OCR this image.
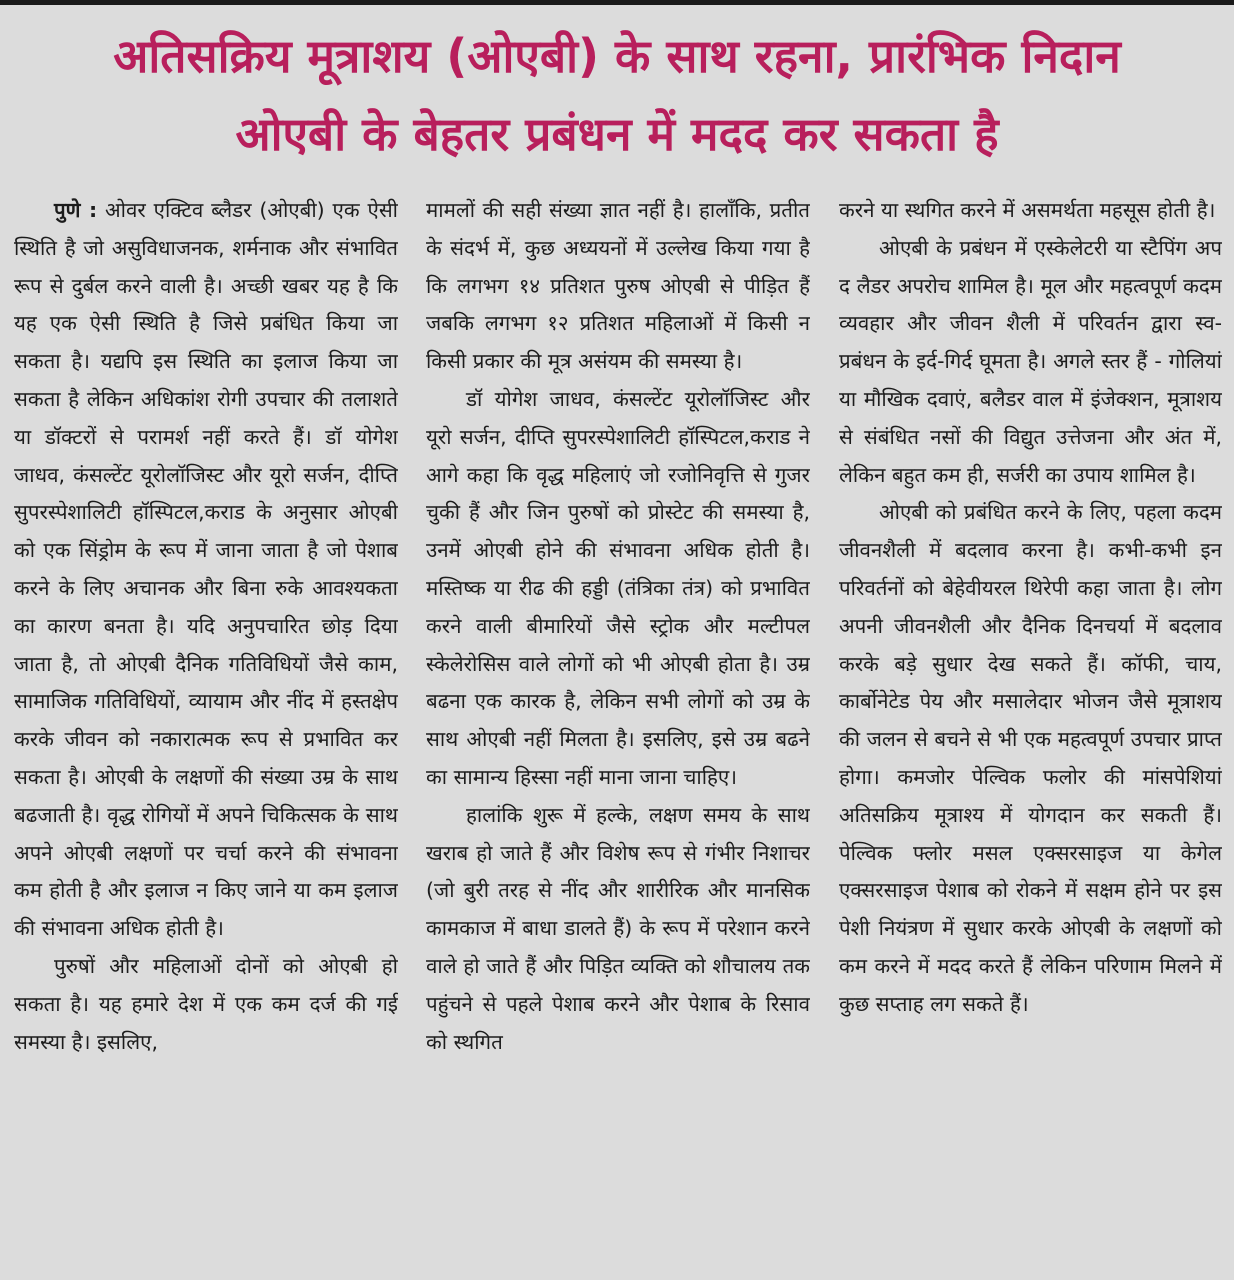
अतिसक्रिय मूत्राशय (ओएबी) के साथ रहना, प्रारंभिक निदान
ओएबी के बेहतर प्रबंधन में मदद कर सकता है

पुणे : ओवर एक्टिव ब्लैडर (ओएबी) एक ऐसी स्थिति है जो असुविधाजनक, शर्मनाक और संभावित रूप से दुर्बल करने वाली है। अच्छी खबर यह है कि यह एक ऐसी स्थिति है जिसे प्रबंधित किया जा सकता है। यद्यपि इस स्थिति का इलाज किया जा सकता है लेकिन अधिकांश रोगी उपचार की तलाशते या डॉक्टरों से परामर्श नहीं करते हैं। डॉ योगेश जाधव, कंसल्टेंट यूरोलॉजिस्ट और यूरो सर्जन, दीप्ति सुपरस्पेशालिटी हॉस्पिटल,कराड के अनुसार ओएबी को एक सिंड्रोम के रूप में जाना जाता है जो पेशाब करने के लिए अचानक और बिना रुके आवश्यकता का कारण बनता है। यदि अनुपचारित छोड़ दिया जाता है, तो ओएबी दैनिक गतिविधियों जैसे काम, सामाजिक गतिविधियों, व्यायाम और नींद में हस्तक्षेप करके जीवन को नकारात्मक रूप से प्रभावित कर सकता है। ओएबी के लक्षणों की संख्या उम्र के साथ बढजाती है। वृद्ध रोगियों में अपने चिकित्सक के साथ अपने ओएबी लक्षणों पर चर्चा करने की संभावना कम होती है और इलाज न किए जाने या कम इलाज की संभावना अधिक होती है।

पुरुषों और महिलाओं दोनों को ओएबी हो सकता है। यह हमारे देश में एक कम दर्ज की गई समस्या है। इसलिए,

मामलों की सही संख्या ज्ञात नहीं है। हालाँकि, प्रतीत के संदर्भ में, कुछ अध्ययनों में उल्लेख किया गया है कि लगभग १४ प्रतिशत पुरुष ओएबी से पीड़ित हैं जबकि लगभग १२ प्रतिशत महिलाओं में किसी न किसी प्रकार की मूत्र असंयम की समस्या है।

डॉ योगेश जाधव, कंसल्टेंट यूरोलॉजिस्ट और यूरो सर्जन, दीप्ति सुपरस्पेशालिटी हॉस्पिटल,कराड ने आगे कहा कि वृद्ध महिलाएं जो रजोनिवृत्ति से गुजर चुकी हैं और जिन पुरुषों को प्रोस्टेट की समस्या है, उनमें ओएबी होने की संभावना अधिक होती है। मस्तिष्क या रीढ की हड्डी (तंत्रिका तंत्र) को प्रभावित करने वाली बीमारियों जैसे स्ट्रोक और मल्टीपल स्केलेरोसिस वाले लोगों को भी ओएबी होता है। उम्र बढना एक कारक है, लेकिन सभी लोगों को उम्र के साथ ओएबी नहीं मिलता है। इसलिए, इसे उम्र बढने का सामान्य हिस्सा नहीं माना जाना चाहिए।

हालांकि शुरू में हल्के, लक्षण समय के साथ खराब हो जाते हैं और विशेष रूप से गंभीर निशाचर (जो बुरी तरह से नींद और शारीरिक और मानसिक कामकाज में बाधा डालते हैं) के रूप में परेशान करने वाले हो जाते हैं और पिड़ित व्यक्ति को शौचालय तक पहुंचने से पहले पेशाब करने और पेशाब के रिसाव को स्थगित

करने या स्थगित करने में असमर्थता महसूस होती है।

ओएबी के प्रबंधन में एस्केलेटरी या स्टैपिंग अप द लैडर अपरोच शामिल है। मूल और महत्वपूर्ण कदम व्यवहार और जीवन शैली में परिवर्तन द्वारा स्व-प्रबंधन के इर्द-गिर्द घूमता है। अगले स्तर हैं - गोलियां या मौखिक दवाएं, बलैडर वाल में इंजेक्शन, मूत्राशय से संबंधित नसों की विद्युत उत्तेजना और अंत में, लेकिन बहुत कम ही, सर्जरी का उपाय शामिल है।

ओएबी को प्रबंधित करने के लिए, पहला कदम जीवनशैली में बदलाव करना है। कभी-कभी इन परिवर्तनों को बेहेवीयरल थिरेपी कहा जाता है। लोग अपनी जीवनशैली और दैनिक दिनचर्या में बदलाव करके बड़े सुधार देख सकते हैं। कॉफी, चाय, कार्बोनेटेड पेय और मसालेदार भोजन जैसे मूत्राशय की जलन से बचने से भी एक महत्वपूर्ण उपचार प्राप्त होगा। कमजोर पेल्विक फलोर की मांसपेशियां अतिसक्रिय मूत्राश्य में योगदान कर सकती हैं। पेल्विक फ्लोर मसल एक्सरसाइज या केगेल एक्सरसाइज पेशाब को रोकने में सक्षम होने पर इस पेशी नियंत्रण में सुधार करके ओएबी के लक्षणों को कम करने में मदद करते हैं लेकिन परिणाम मिलने में कुछ सप्ताह लग सकते हैं।
